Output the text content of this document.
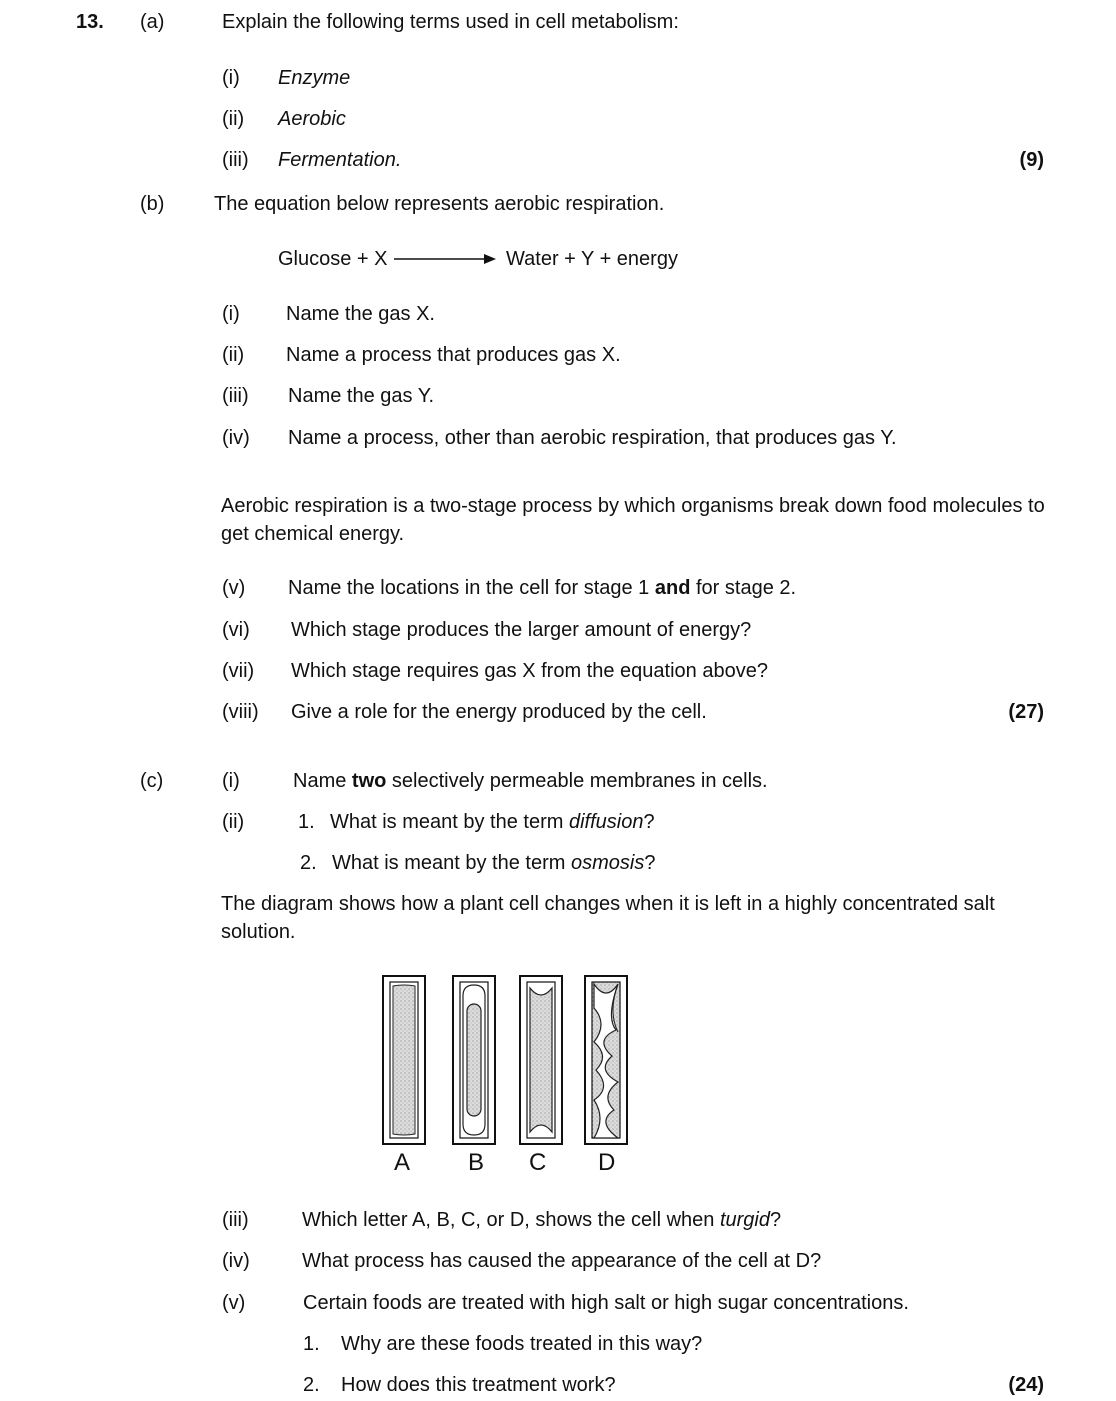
13. (a)	Explain the following terms used in cell metabolism:
(i) Enzyme
(ii) Aerobic
(iii) Fermentation.	(9)
(b) The equation below represents aerobic respiration.
Glucose + X	Water + Y + energy
(i) Name the gas X.
(ii) Name a process that produces gas X.
(iii) Name the gas Y.
(iv) Name a process, other than aerobic respiration, that produces gas Y.
Aerobic respiration is a two-stage process by which organisms break down food molecules to get chemical energy.
(v) Name the locations in the cell for stage 1 and for stage 2.
(vi) Which stage produces the larger amount of energy?
(vii) Which stage requires gas X from the equation above?
(viii) Give a role for the energy produced by the cell.	(27)
(c)	(i)	Name two selectively permeable membranes in cells.
(ii)	1. What is meant by the term diffusion?
2. What is meant by the term osmosis?
The diagram shows how a plant cell changes when it is left in a highly concentrated salt solution.
A B C D
(iii)	Which letter A, B, C, or D, shows the cell when turgid?
(iv)	What process has caused the appearance of the cell at D?
(v)	Certain foods are treated with high salt or high sugar concentrations.
1. Why are these foods treated in this way?
2. How does this treatment work?	(24)
